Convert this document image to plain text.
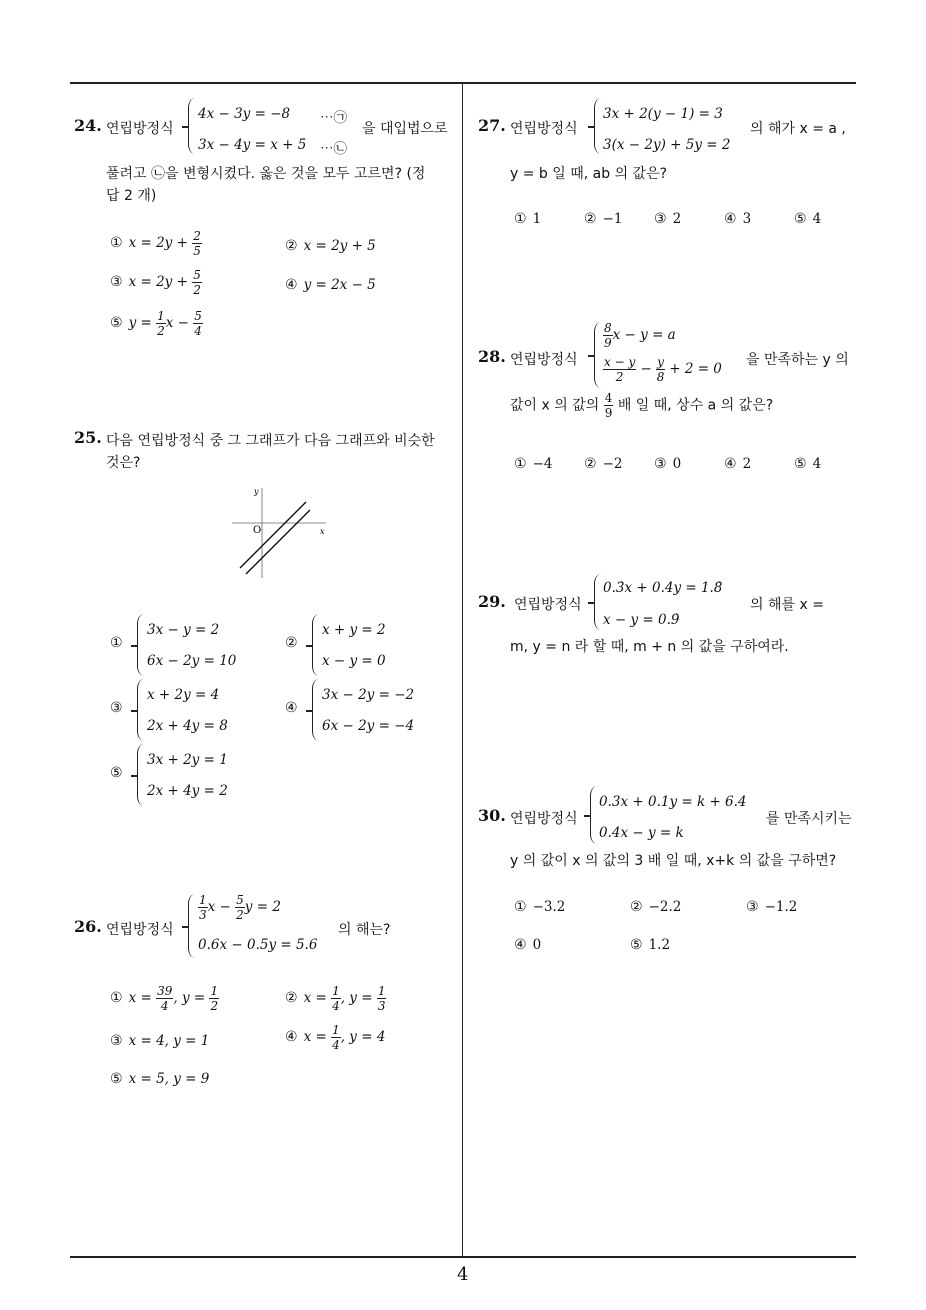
4
24. 연립방정식
4x − 3y = −8 ⋯㉠
3x − 4y = x + 5 ⋯㉡
을 대입법으로
풀려고 ㉡을 변형시켰다. 옳은 것을 모두 고르면? (정
답 2 개)
① $x = 2y + \frac{2}{5}$	② x = 2y + 5
③ $x = 2y + \frac{5}{2}$	④ y = 2x − 5
⑤ $y = \frac{1}{2}$ $x - \frac{5}{4}$
25. 다음 연립방정식 중 그 그래프가 다음 그래프와 비슷한
것은?
y
x
O
①
3x − y = 2
6x − 2y = 10
②
x + y = 2
x − y = 0
③
x + 2y = 4
2x + 4y = 8
④
3x − 2y = −2
6x − 2y = −4
⑤
3x + 2y = 1
2x + 4y = 2
26. 연립방정식
$\frac{1}{3}$ $x - \frac{5}{2}$ y = 2
0.6x − 0.5y = 5.6
의 해는?
① $x = \frac{39}{4}$ , $y = \frac{1}{2}$	② $x = \frac{1}{4}$ , $y = \frac{1}{3}$
③ x = 4, y = 1	④ $x = \frac{1}{4}$ , y = 4
⑤ x = 5, y = 9
27. 연립방정식
3x + 2(y − 1) = 3
3(x − 2y) + 5y = 2
의 해가 x = a ,
y = b 일 때, ab 의 값은?
① 1	② −1 ③ 2	④ 3	⑤ 4
28. 연립방정식
$\frac{8}{9}$ x − y = a
$\frac{x - y}{2} - \frac{y}{8} + 2 = 0$
을 만족하는 y 의
값이 x 의 값의 $\frac{4}{9}$ 배 일 때, 상수 a 의 값은?
① −4 ② −2 ③ 0	④ 2	⑤ 4
29. 연립방정식
0.3̇x + 0.4̇y = 1.8̇
x − y = 0.9̇
의 해를 x =
m, y = n 라 할 때, m + n 의 값을 구하여라.
30. 연립방정식
0.3x + 0.1y = k + 6.4
0.4x − y = k
를 만족시키는
y 의 값이 x 의 값의 3 배 일 때, x+k 의 값을 구하면?
① −3.2	② −2.2	③ −1.2
④ 0	⑤ 1.2
